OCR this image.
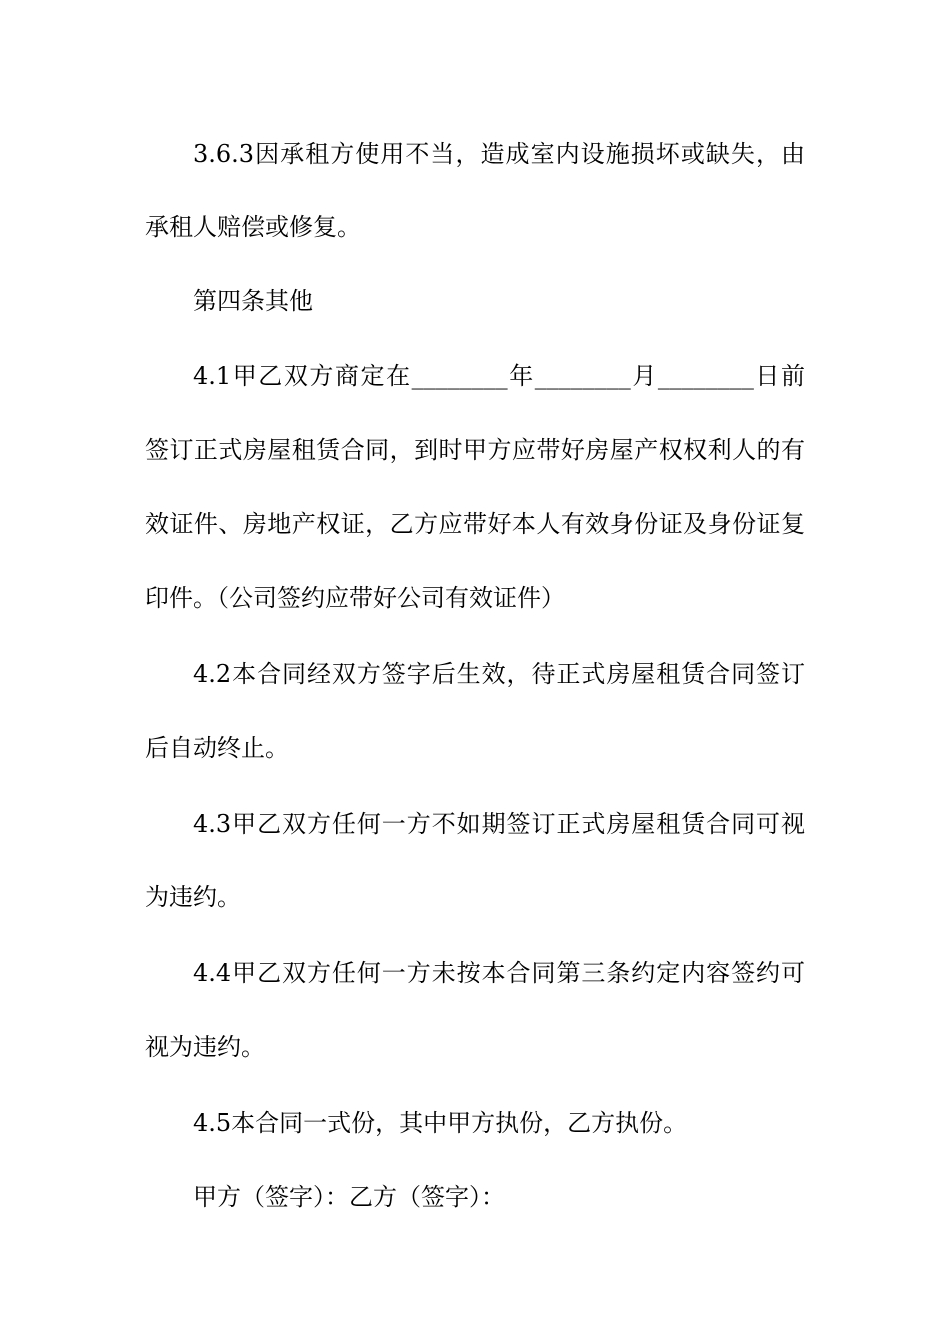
3.6.3因承租方使用不当，造成室内设施损坏或缺失，由
承租人赔偿或修复。
第四条其他
4.1甲乙双方商定在________年________月________日前
签订正式房屋租赁合同，到时甲方应带好房屋产权权利人的有
效证件、房地产权证，乙方应带好本人有效身份证及身份证复
印件。（公司签约应带好公司有效证件）
4.2本合同经双方签字后生效，待正式房屋租赁合同签订
后自动终止。
4.3甲乙双方任何一方不如期签订正式房屋租赁合同可视
为违约。
4.4甲乙双方任何一方未按本合同第三条约定内容签约可
视为违约。
4.5本合同一式份，其中甲方执份，乙方执份。
甲方（签字）：乙方（签字）：
